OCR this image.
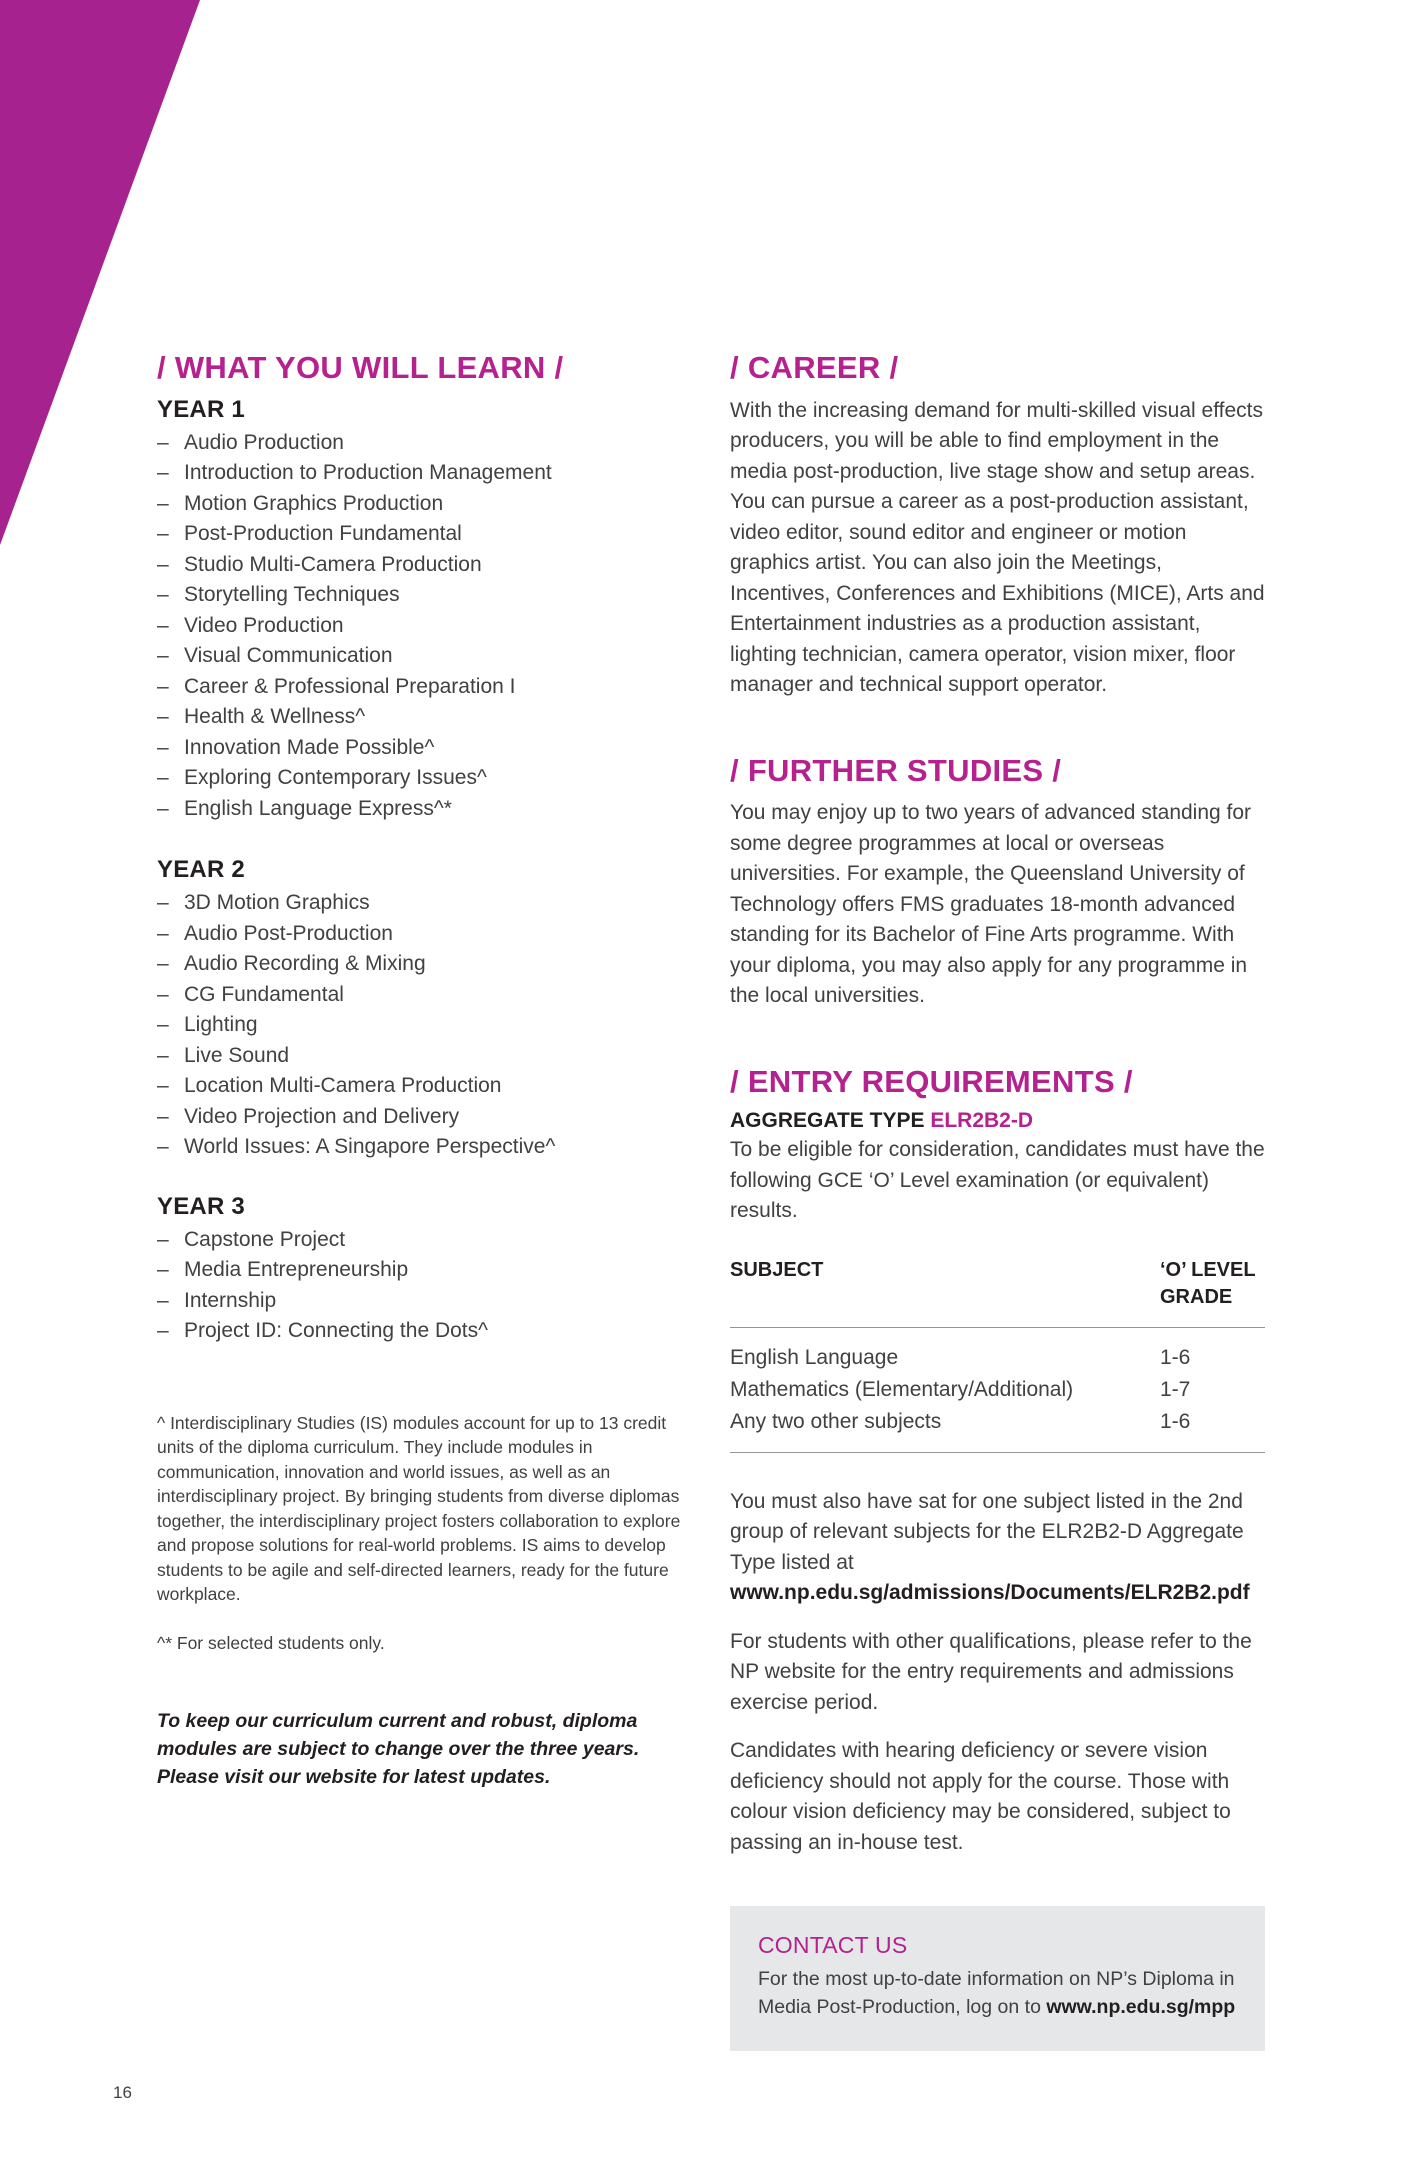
/ WHAT YOU WILL LEARN /
YEAR 1
– Audio Production
– Introduction to Production Management
– Motion Graphics Production
– Post-Production Fundamental
– Studio Multi-Camera Production
– Storytelling Techniques
– Video Production
– Visual Communication
– Career & Professional Preparation I
– Health & Wellness^
– Innovation Made Possible^
– Exploring Contemporary Issues^
– English Language Express^*
YEAR 2
– 3D Motion Graphics
– Audio Post-Production
– Audio Recording & Mixing
– CG Fundamental
– Lighting
– Live Sound
– Location Multi-Camera Production
– Video Projection and Delivery
– World Issues: A Singapore Perspective^
YEAR 3
– Capstone Project
– Media Entrepreneurship
– Internship
– Project ID: Connecting the Dots^

^ Interdisciplinary Studies (IS) modules account for up to 13 credit units of the diploma curriculum. They include modules in communication, innovation and world issues, as well as an interdisciplinary project. By bringing students from diverse diplomas together, the interdisciplinary project fosters collaboration to explore and propose solutions for real-world problems. IS aims to develop students to be agile and self-directed learners, ready for the future workplace.

^* For selected students only.

To keep our curriculum current and robust, diploma modules are subject to change over the three years. Please visit our website for latest updates.

/ CAREER /

With the increasing demand for multi-skilled visual effects producers, you will be able to find employment in the media post-production, live stage show and setup areas. You can pursue a career as a post-production assistant, video editor, sound editor and engineer or motion graphics artist. You can also join the Meetings, Incentives, Conferences and Exhibitions (MICE), Arts and Entertainment industries as a production assistant, lighting technician, camera operator, vision mixer, floor manager and technical support operator.

/ FURTHER STUDIES /

You may enjoy up to two years of advanced standing for some degree programmes at local or overseas universities. For example, the Queensland University of Technology offers FMS graduates 18-month advanced standing for its Bachelor of Fine Arts programme. With your diploma, you may also apply for any programme in the local universities.

/ ENTRY REQUIREMENTS /

AGGREGATE TYPE ELR2B2-D

To be eligible for consideration, candidates must have the following GCE ‘O’ Level examination (or equivalent) results.

SUBJECT	‘O’ LEVEL GRADE
English Language	1-6
Mathematics (Elementary/Additional)	1-7
Any two other subjects	1-6

You must also have sat for one subject listed in the 2nd group of relevant subjects for the ELR2B2-D Aggregate Type listed at www.np.edu.sg/admissions/Documents/ELR2B2.pdf

For students with other qualifications, please refer to the NP website for the entry requirements and admissions exercise period.

Candidates with hearing deficiency or severe vision deficiency should not apply for the course. Those with colour vision deficiency may be considered, subject to passing an in-house test.

CONTACT US

For the most up-to-date information on NP’s Diploma in Media Post-Production, log on to www.np.edu.sg/mpp

16
